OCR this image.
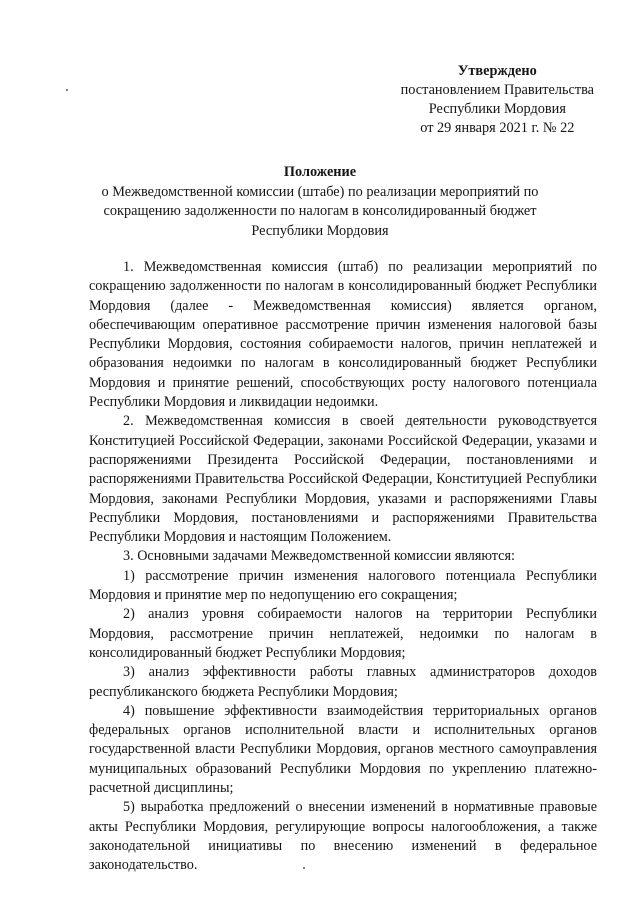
Утверждено
постановлением Правительства
Республики Мордовия
от 29 января 2021 г. № 22
Положение
о Межведомственной комиссии (штабе) по реализации мероприятий по
сокращению задолженности по налогам в консолидированный бюджет
Республики Мордовия

1. Межведомственная комиссия (штаб) по реализации мероприятий по сокращению задолженности по налогам в консолидированный бюджет Республики Мордовия (далее - Межведомственная комиссия) является органом, обеспечивающим оперативное рассмотрение причин изменения налоговой базы Республики Мордовия, состояния собираемости налогов, причин неплатежей и образования недоимки по налогам в консолидированный бюджет Республики Мордовия и принятие решений, способствующих росту налогового потенциала Республики Мордовия и ликвидации недоимки.

2. Межведомственная комиссия в своей деятельности руководствуется Конституцией Российской Федерации, законами Российской Федерации, указами и распоряжениями Президента Российской Федерации, постановлениями и распоряжениями Правительства Российской Федерации, Конституцией Республики Мордовия, законами Республики Мордовия, указами и распоряжениями Главы Республики Мордовия, постановлениями и распоряжениями Правительства Республики Мордовия и настоящим Положением.

3. Основными задачами Межведомственной комиссии являются:

1) рассмотрение причин изменения налогового потенциала Республики Мордовия и принятие мер по недопущению его сокращения;

2) анализ уровня собираемости налогов на территории Республики Мордовия, рассмотрение причин неплатежей, недоимки по налогам в консолидированный бюджет Республики Мордовия;

3) анализ эффективности работы главных администраторов доходов республиканского бюджета Республики Мордовия;

4) повышение эффективности взаимодействия территориальных органов федеральных органов исполнительной власти и исполнительных органов государственной власти Республики Мордовия, органов местного самоуправления муниципальных образований Республики Мордовия по укреплению платежно-расчетной дисциплины;

5) выработка предложений о внесении изменений в нормативные правовые акты Республики Мордовия, регулирующие вопросы налогообложения, а также законодательной инициативы по внесению изменений в федеральное законодательство.
